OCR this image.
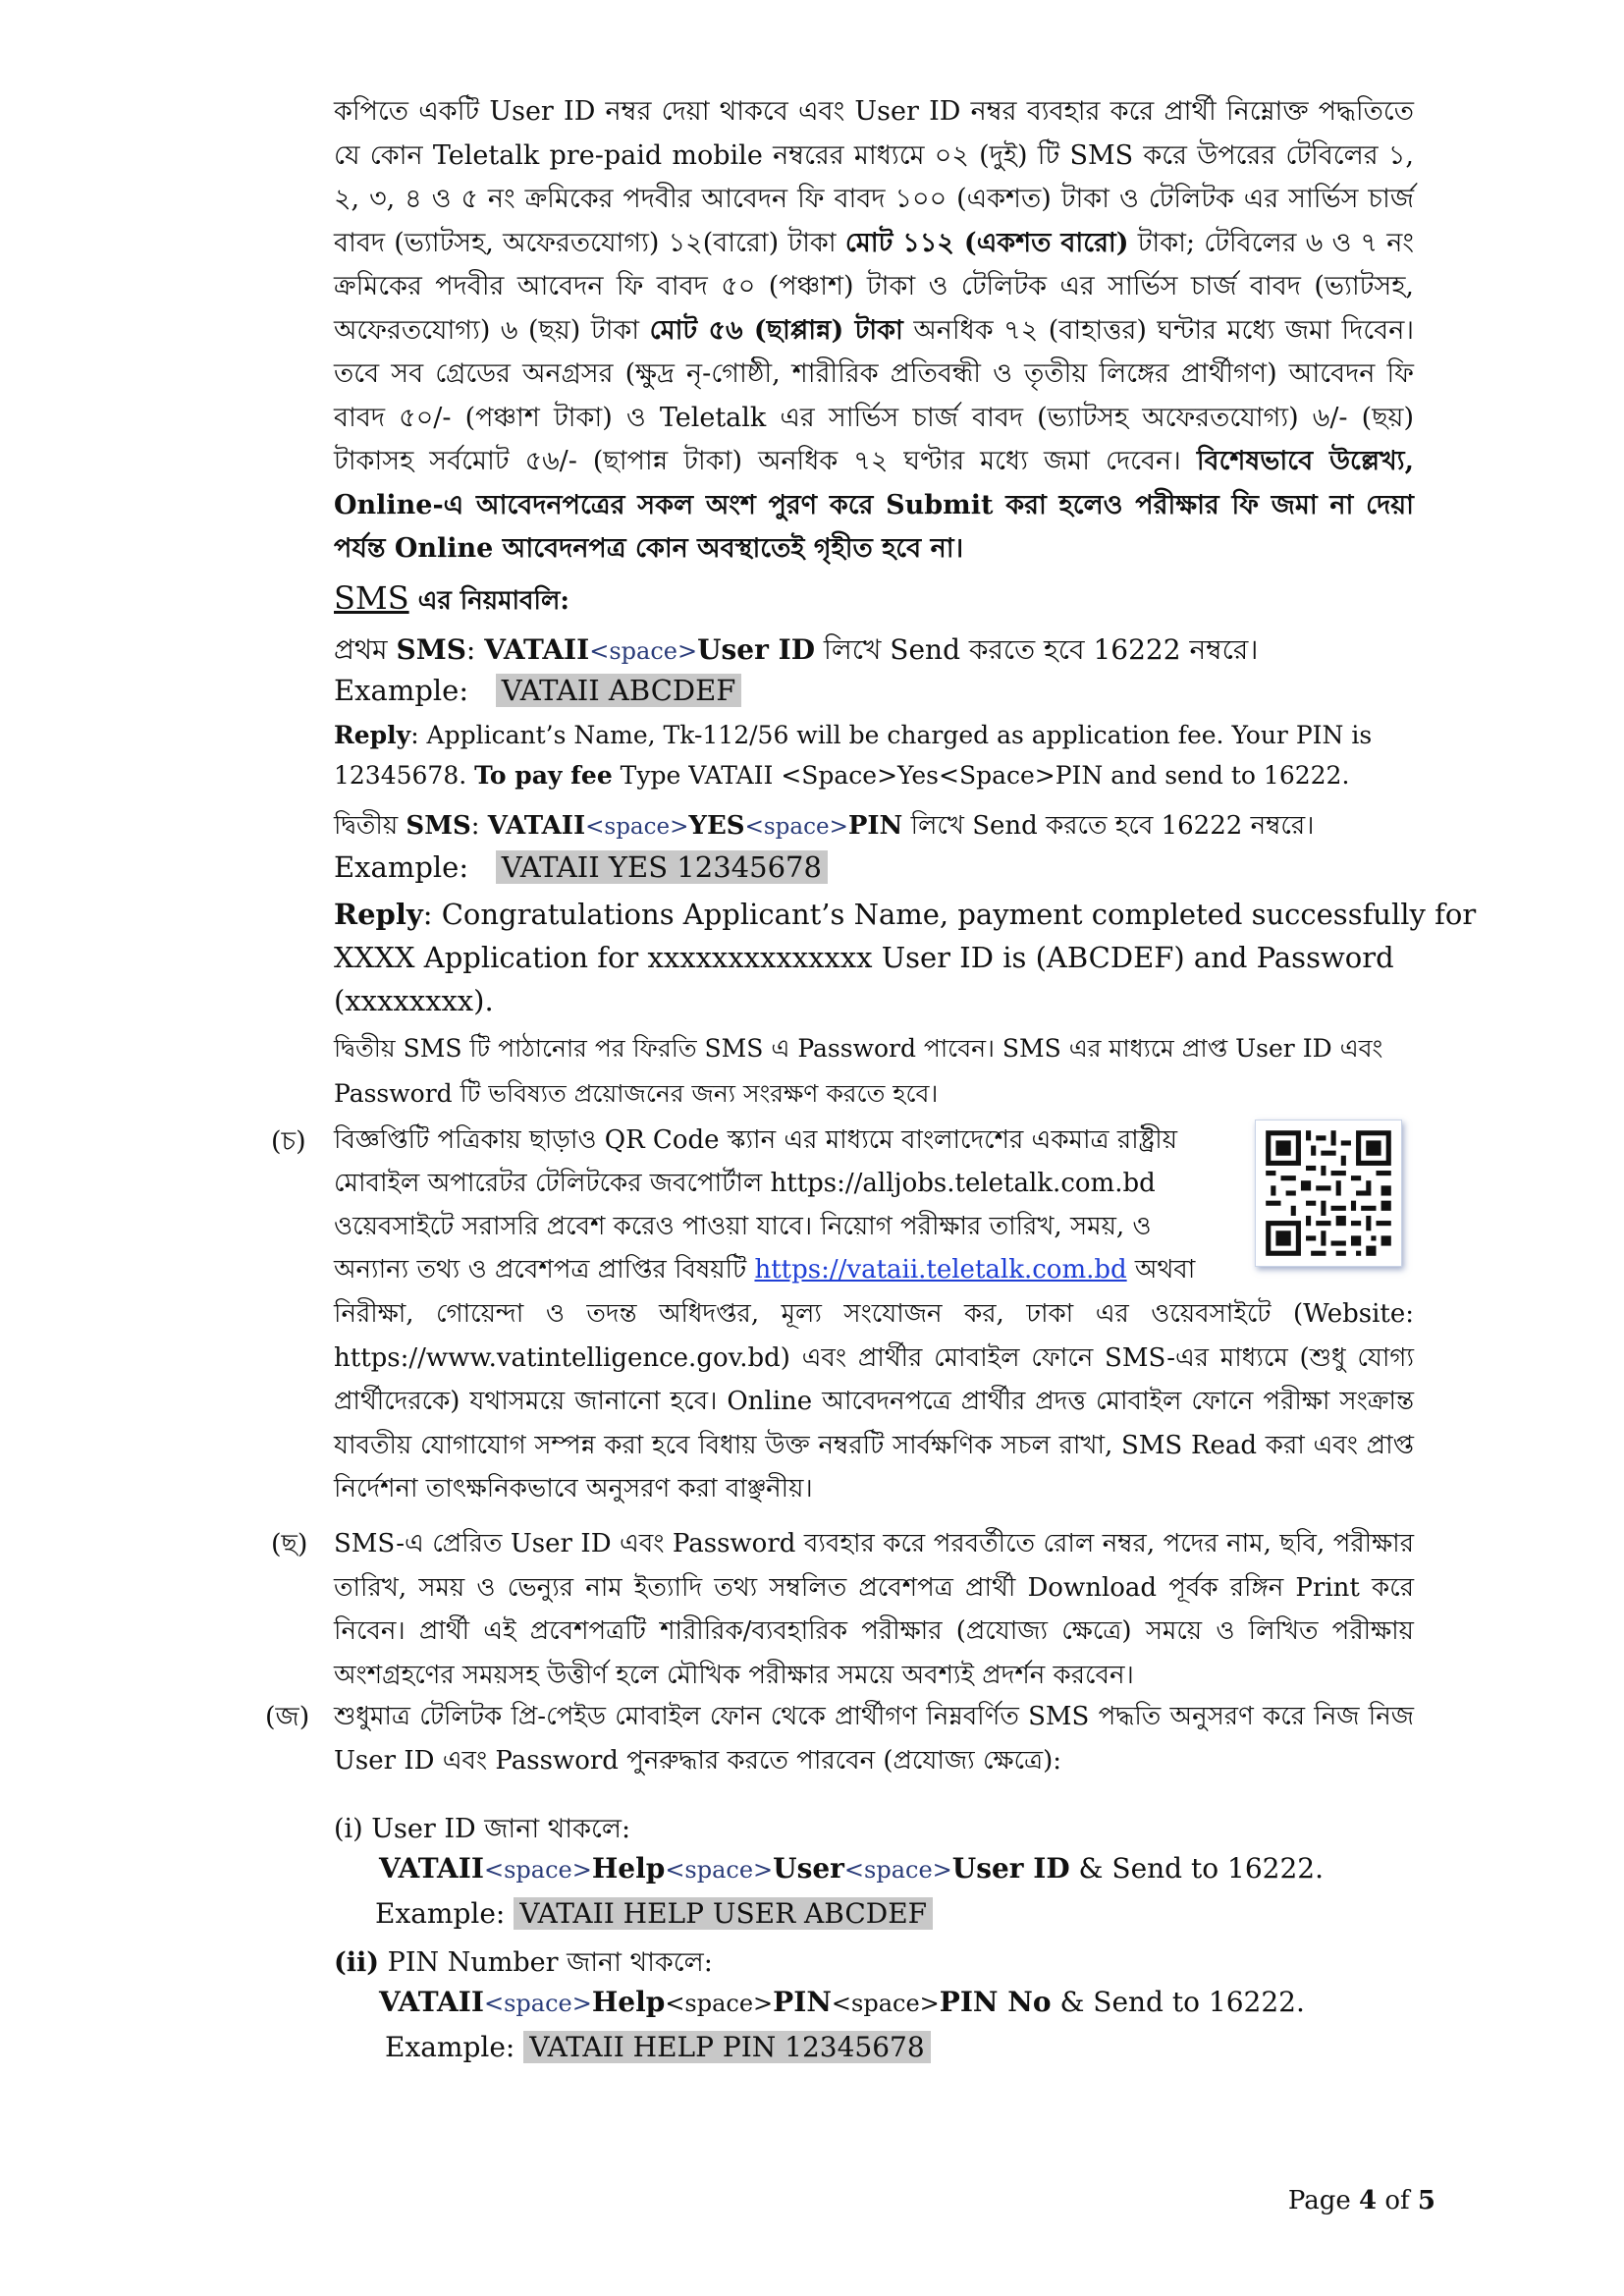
কপিতে একটি User ID নম্বর দেয়া থাকবে এবং User ID নম্বর ব্যবহার করে প্রার্থী নিম্নোক্ত পদ্ধতিতে যে কোন Teletalk pre-paid mobile নম্বরের মাধ্যমে ০২ (দুই) টি SMS করে উপরের টেবিলের ১, ২, ৩, ৪ ও ৫ নং ক্রমিকের পদবীর আবেদন ফি বাবদ ১০০ (একশত) টাকা ও টেলিটক এর সার্ভিস চার্জ বাবদ (ভ্যাটসহ, অফেরতযোগ্য) ১২(বারো) টাকা মোট ১১২ (একশত বারো) টাকা; টেবিলের ৬ ও ৭ নং ক্রমিকের পদবীর আবেদন ফি বাবদ ৫০ (পঞ্চাশ) টাকা ও টেলিটক এর সার্ভিস চার্জ বাবদ (ভ্যাটসহ, অফেরতযোগ্য) ৬ (ছয়) টাকা মোট ৫৬ (ছাপ্পান্ন) টাকা অনধিক ৭২ (বাহাত্তর) ঘন্টার মধ্যে জমা দিবেন। তবে সব গ্রেডের অনগ্রসর (ক্ষুদ্র নৃ-গোষ্ঠী, শারীরিক প্রতিবন্ধী ও তৃতীয় লিঙ্গের প্রার্থীগণ) আবেদন ফি বাবদ ৫০/- (পঞ্চাশ টাকা) ও Teletalk এর সার্ভিস চার্জ বাবদ (ভ্যাটসহ অফেরতযোগ্য) ৬/- (ছয়) টাকাসহ সর্বমোট ৫৬/- (ছাপান্ন টাকা) অনধিক ৭২ ঘণ্টার মধ্যে জমা দেবেন। বিশেষভাবে উল্লেখ্য, Online-এ আবেদনপত্রের সকল অংশ পুরণ করে Submit করা হলেও পরীক্ষার ফি জমা না দেয়া পর্যন্ত Online আবেদনপত্র কোন অবস্থাতেই গৃহীত হবে না।
SMS এর নিয়মাবলি:
প্রথম SMS: VATAII<space>User ID লিখে Send করতে হবে 16222 নম্বরে।
Example: VATAII ABCDEF
Reply: Applicant’s Name, Tk-112/56 will be charged as application fee. Your PIN is
12345678. To pay fee Type VATAII <Space>Yes<Space>PIN and send to 16222.
দ্বিতীয় SMS: VATAII<space>YES<space>PIN লিখে Send করতে হবে 16222 নম্বরে।
Example: VATAII YES 12345678
Reply: Congratulations Applicant’s Name, payment completed successfully for
XXXX Application for xxxxxxxxxxxxxx User ID is (ABCDEF) and Password
(xxxxxxxx).
দ্বিতীয় SMS টি পাঠানোর পর ফিরতি SMS এ Password পাবেন। SMS এর মাধ্যমে প্রাপ্ত User ID এবং
Password টি ভবিষ্যত প্রয়োজনের জন্য সংরক্ষণ করতে হবে।
(চ) বিজ্ঞপ্তিটি পত্রিকায় ছাড়াও QR Code স্ক্যান এর মাধ্যমে বাংলাদেশের একমাত্র রাষ্ট্রীয়
মোবাইল অপারেটর টেলিটকের জবপোর্টাল https://alljobs.teletalk.com.bd
ওয়েবসাইটে সরাসরি প্রবেশ করেও পাওয়া যাবে। নিয়োগ পরীক্ষার তারিখ, সময়, ও
অন্যান্য তথ্য ও প্রবেশপত্র প্রাপ্তির বিষয়টি https://vataii.teletalk.com.bd অথবা
নিরীক্ষা, গোয়েন্দা ও তদন্ত অধিদপ্তর, মূল্য সংযোজন কর, ঢাকা এর ওয়েবসাইটে (Website: https://www.vatintelligence.gov.bd) এবং প্রার্থীর মোবাইল ফোনে SMS-এর মাধ্যমে (শুধু যোগ্য প্রার্থীদেরকে) যথাসময়ে জানানো হবে। Online আবেদনপত্রে প্রার্থীর প্রদত্ত মোবাইল ফোনে পরীক্ষা সংক্রান্ত যাবতীয় যোগাযোগ সম্পন্ন করা হবে বিধায় উক্ত নম্বরটি সার্বক্ষণিক সচল রাখা, SMS Read করা এবং প্রাপ্ত নির্দেশনা তাৎক্ষনিকভাবে অনুসরণ করা বাঞ্ছনীয়।
(ছ) SMS-এ প্রেরিত User ID এবং Password ব্যবহার করে পরবর্তীতে রোল নম্বর, পদের নাম, ছবি, পরীক্ষার তারিখ, সময় ও ভেন্যুর নাম ইত্যাদি তথ্য সম্বলিত প্রবেশপত্র প্রার্থী Download পূর্বক রঙ্গিন Print করে নিবেন। প্রার্থী এই প্রবেশপত্রটি শারীরিক/ব্যবহারিক পরীক্ষার (প্রযোজ্য ক্ষেত্রে) সময়ে ও লিখিত পরীক্ষায় অংশগ্রহণের সময়সহ উত্তীর্ণ হলে মৌখিক পরীক্ষার সময়ে অবশ্যই প্রদর্শন করবেন।
(জ) শুধুমাত্র টেলিটক প্রি-পেইড মোবাইল ফোন থেকে প্রার্থীগণ নিম্নবর্ণিত SMS পদ্ধতি অনুসরণ করে নিজ নিজ User ID এবং Password পুনরুদ্ধার করতে পারবেন (প্রযোজ্য ক্ষেত্রে):
(i) User ID জানা থাকলে:
VATAII<space>Help<space>User<space>User ID & Send to 16222.
Example: VATAII HELP USER ABCDEF
(ii) PIN Number জানা থাকলে:
VATAII<space>Help<space>PIN<space>PIN No & Send to 16222.
Example: VATAII HELP PIN 12345678
Page 4 of 5
